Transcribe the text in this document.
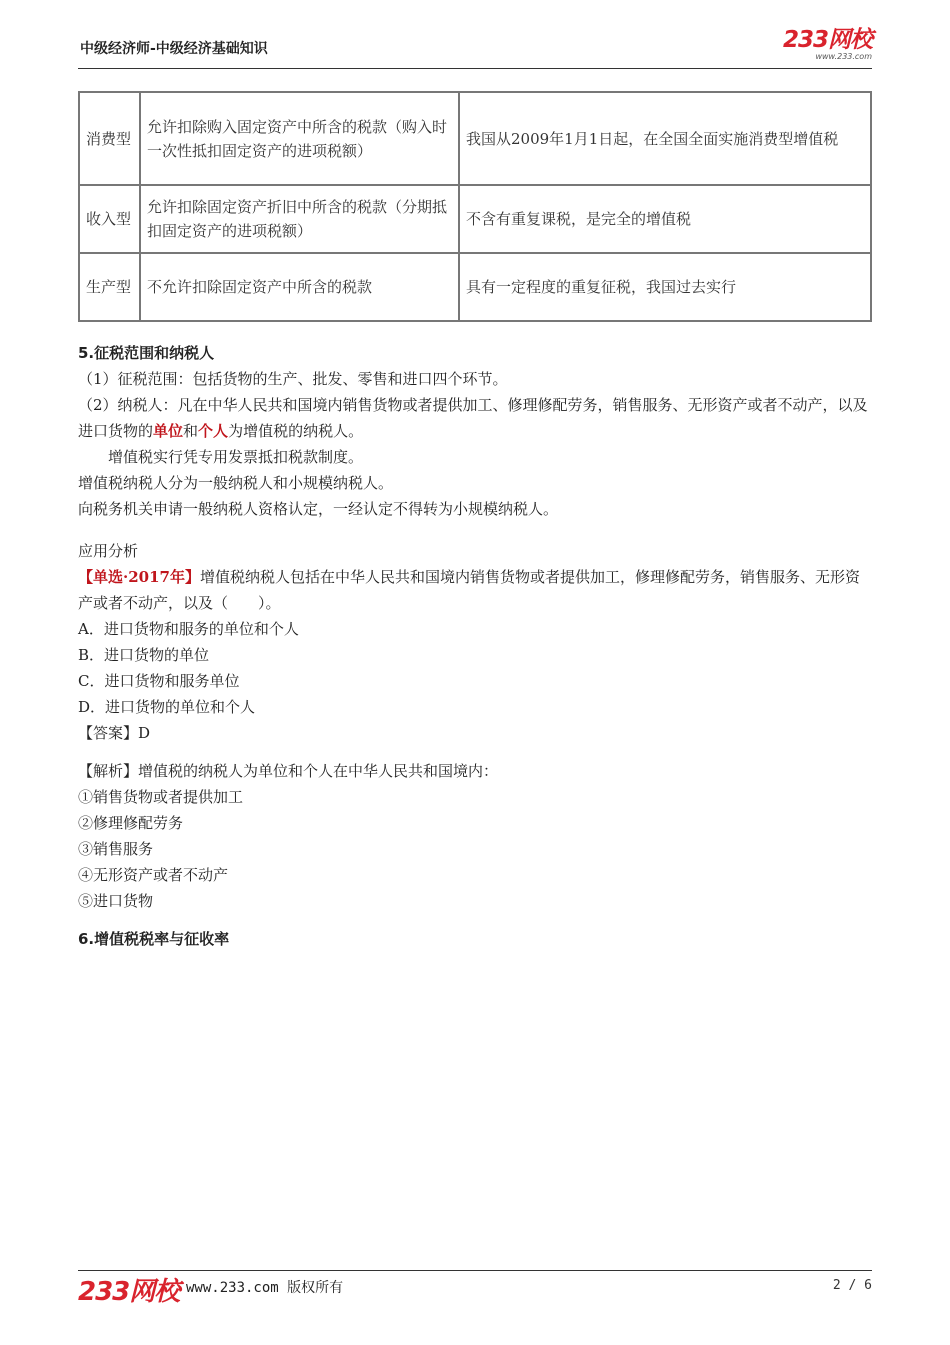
中级经济师-中级经济基础知识	233网校
www.233.com
消费型	允许扣除购入固定资产中所含的税款（购入时一次性抵扣固定资产的进项税额）	我国从2009年1月1日起，在全国全面实施消费型增值税
收入型	允许扣除固定资产折旧中所含的税款（分期抵扣固定资产的进项税额）	不含有重复课税，是完全的增值税
生产型	不允许扣除固定资产中所含的税款	具有一定程度的重复征税，我国过去实行

5.征税范围和纳税人

（1）征税范围：包括货物的生产、批发、零售和进口四个环节。

（2）纳税人：凡在中华人民共和国境内销售货物或者提供加工、修理修配劳务，销售服务、无形资产或者不动产，以及进口货物的单位和个人为增值税的纳税人。

增值税实行凭专用发票抵扣税款制度。

增值税纳税人分为一般纳税人和小规模纳税人。

向税务机关申请一般纳税人资格认定，一经认定不得转为小规模纳税人。

应用分析

【单选·2017年】增值税纳税人包括在中华人民共和国境内销售货物或者提供加工，修理修配劳务，销售服务、无形资产或者不动产，以及（　　）。

A．进口货物和服务的单位和个人

B．进口货物的单位

C．进口货物和服务单位

D．进口货物的单位和个人

【答案】D

【解析】增值税的纳税人为单位和个人在中华人民共和国境内：

①销售货物或者提供加工

②修理修配劳务

③销售服务

④无形资产或者不动产

⑤进口货物

6.增值税税率与征收率

233网校 www.233.com 版权所有	2 / 6
